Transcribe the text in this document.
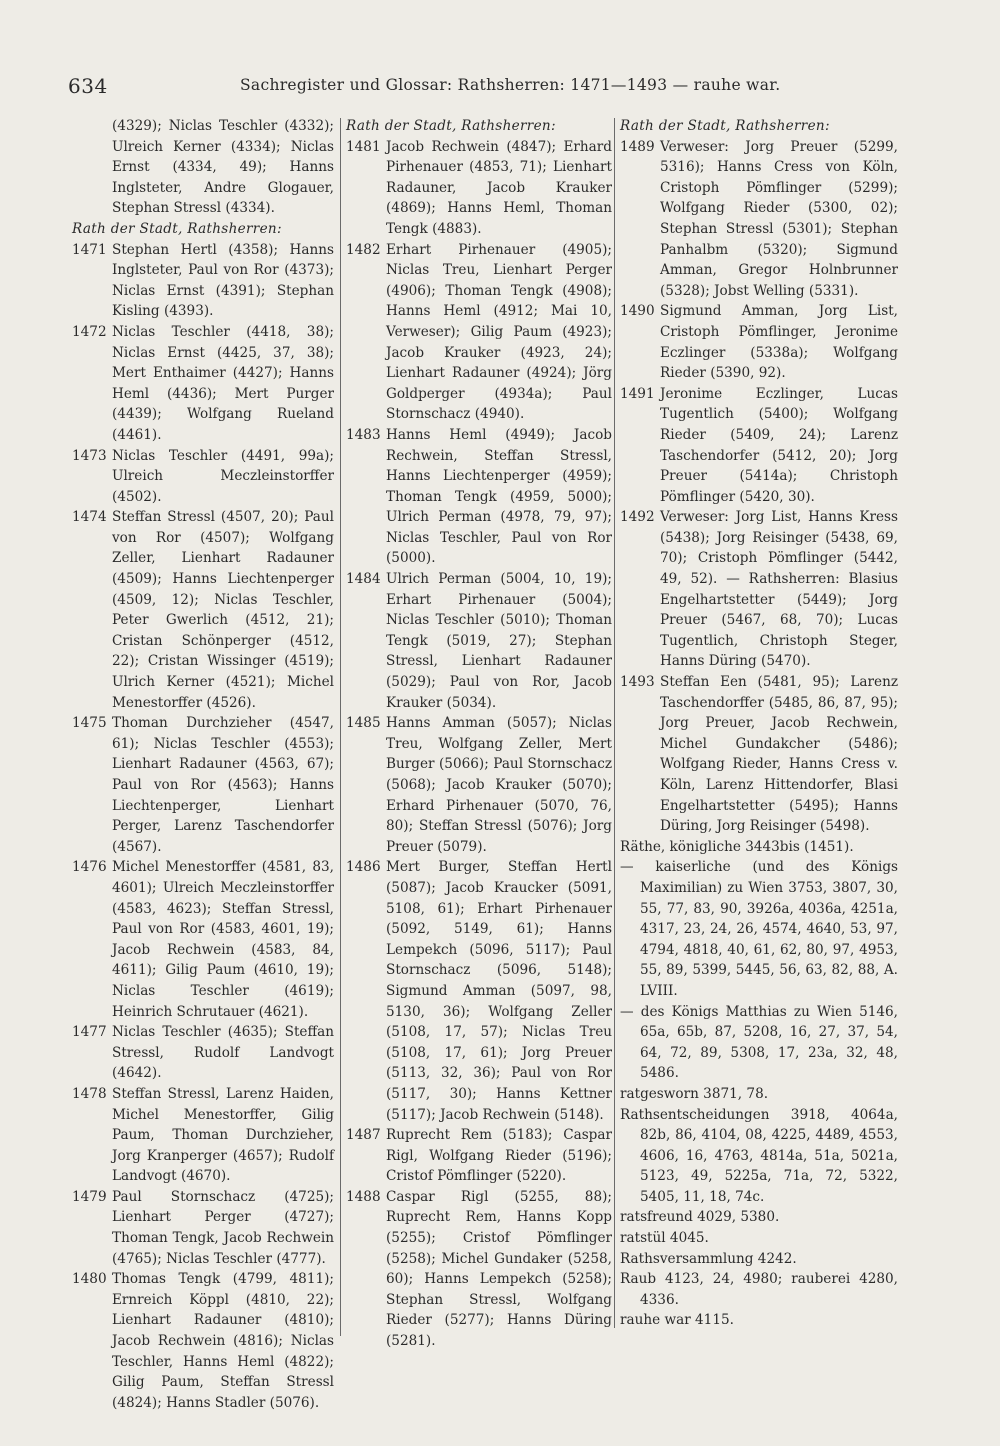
634	Sachregister und Glossar: Rathsherren: 1471—1493 — rauhe war.
(4329); Niclas Teschler (4332); Ulreich Kerner (4334); Niclas Ernst (4334, 49); Hanns Inglsteter, Andre Glogauer, Stephan Stressl (4334).
Rath der Stadt, Rathsherren:
1471 Stephan Hertl (4358); Hanns Inglsteter, Paul von Ror (4373); Niclas Ernst (4391); Stephan Kisling (4393).
1472 Niclas Teschler (4418, 38); Niclas Ernst (4425, 37, 38); Mert Enthaimer (4427); Hanns Heml (4436); Mert Purger (4439); Wolfgang Rueland (4461).
1473 Niclas Teschler (4491, 99a); Ulreich Meczleinstorffer (4502).
1474 Steffan Stressl (4507, 20); Paul von Ror (4507); Wolfgang Zeller, Lienhart Radauner (4509); Hanns Liechtenperger (4509, 12); Niclas Teschler, Peter Gwerlich (4512, 21); Cristan Schönperger (4512, 22); Cristan Wissinger (4519); Ulrich Kerner (4521); Michel Menestorffer (4526).
1475 Thoman Durchzieher (4547, 61); Niclas Teschler (4553); Lienhart Radauner (4563, 67); Paul von Ror (4563); Hanns Liechtenperger, Lienhart Perger, Larenz Taschendorfer (4567).
1476 Michel Menestorffer (4581, 83, 4601); Ulreich Meczleinstorffer (4583, 4623); Steffan Stressl, Paul von Ror (4583, 4601, 19); Jacob Rechwein (4583, 84, 4611); Gilig Paum (4610, 19); Niclas Teschler (4619); Heinrich Schrutauer (4621).
1477 Niclas Teschler (4635); Steffan Stressl, Rudolf Landvogt (4642).
1478 Steffan Stressl, Larenz Haiden, Michel Menestorffer, Gilig Paum, Thoman Durchzieher, Jorg Kranperger (4657); Rudolf Landvogt (4670).
1479 Paul Stornschacz (4725); Lienhart Perger (4727); Thoman Tengk, Jacob Rechwein (4765); Niclas Teschler (4777).
1480 Thomas Tengk (4799, 4811); Ernreich Köppl (4810, 22); Lienhart Radauner (4810); Jacob Rechwein (4816); Niclas Teschler, Hanns Heml (4822); Gilig Paum, Steffan Stressl (4824); Hanns Stadler (5076).
Rath der Stadt, Rathsherren:
1481 Jacob Rechwein (4847); Erhard Pirhenauer (4853, 71); Lienhart Radauner, Jacob Krauker (4869); Hanns Heml, Thoman Tengk (4883).
1482 Erhart Pirhenauer (4905); Niclas Treu, Lienhart Perger (4906); Thoman Tengk (4908); Hanns Heml (4912; Mai 10, Verweser); Gilig Paum (4923); Jacob Krauker (4923, 24); Lienhart Radauner (4924); Jörg Goldperger (4934a); Paul Stornschacz (4940).
1483 Hanns Heml (4949); Jacob Rechwein, Steffan Stressl, Hanns Liechtenperger (4959); Thoman Tengk (4959, 5000); Ulrich Perman (4978, 79, 97); Niclas Teschler, Paul von Ror (5000).
1484 Ulrich Perman (5004, 10, 19); Erhart Pirhenauer (5004); Niclas Teschler (5010); Thoman Tengk (5019, 27); Stephan Stressl, Lienhart Radauner (5029); Paul von Ror, Jacob Krauker (5034).
1485 Hanns Amman (5057); Niclas Treu, Wolfgang Zeller, Mert Burger (5066); Paul Stornschacz (5068); Jacob Krauker (5070); Erhard Pirhenauer (5070, 76, 80); Steffan Stressl (5076); Jorg Preuer (5079).
1486 Mert Burger, Steffan Hertl (5087); Jacob Kraucker (5091, 5108, 61); Erhart Pirhenauer (5092, 5149, 61); Hanns Lempekch (5096, 5117); Paul Stornschacz (5096, 5148); Sigmund Amman (5097, 98, 5130, 36); Wolfgang Zeller (5108, 17, 57); Niclas Treu (5108, 17, 61); Jorg Preuer (5113, 32, 36); Paul von Ror (5117, 30); Hanns Kettner (5117); Jacob Rechwein (5148).
1487 Ruprecht Rem (5183); Caspar Rigl, Wolfgang Rieder (5196); Cristof Pömflinger (5220).
1488 Caspar Rigl (5255, 88); Ruprecht Rem, Hanns Kopp (5255); Cristof Pömflinger (5258); Michel Gundaker (5258, 60); Hanns Lempekch (5258); Stephan Stressl, Wolfgang Rieder (5277); Hanns Düring (5281).
Rath der Stadt, Rathsherren:
1489 Verweser: Jorg Preuer (5299, 5316); Hanns Cress von Köln, Cristoph Pömflinger (5299); Wolfgang Rieder (5300, 02); Stephan Stressl (5301); Stephan Panhalbm (5320); Sigmund Amman, Gregor Holnbrunner (5328); Jobst Welling (5331).
1490 Sigmund Amman, Jorg List, Cristoph Pömflinger, Jeronime Eczlinger (5338a); Wolfgang Rieder (5390, 92).
1491 Jeronime Eczlinger, Lucas Tugentlich (5400); Wolfgang Rieder (5409, 24); Larenz Taschendorfer (5412, 20); Jorg Preuer (5414a); Christoph Pömflinger (5420, 30).
1492 Verweser: Jorg List, Hanns Kress (5438); Jorg Reisinger (5438, 69, 70); Cristoph Pömflinger (5442, 49, 52). — Rathsherren: Blasius Engelhartstetter (5449); Jorg Preuer (5467, 68, 70); Lucas Tugentlich, Christoph Steger, Hanns Düring (5470).
1493 Steffan Een (5481, 95); Larenz Taschendorffer (5485, 86, 87, 95); Jorg Preuer, Jacob Rechwein, Michel Gundakcher (5486); Wolfgang Rieder, Hanns Cress v. Köln, Larenz Hittendorfer, Blasi Engelhartstetter (5495); Hanns Düring, Jorg Reisinger (5498).
Räthe, königliche 3443bis (1451).
— kaiserliche (und des Königs Maximilian) zu Wien 3753, 3807, 30, 55, 77, 83, 90, 3926a, 4036a, 4251a, 4317, 23, 24, 26, 4574, 4640, 53, 97, 4794, 4818, 40, 61, 62, 80, 97, 4953, 55, 89, 5399, 5445, 56, 63, 82, 88, A. LVIII.
— des Königs Matthias zu Wien 5146, 65a, 65b, 87, 5208, 16, 27, 37, 54, 64, 72, 89, 5308, 17, 23a, 32, 48, 5486.
ratgesworn 3871, 78.
Rathsentscheidungen 3918, 4064a, 82b, 86, 4104, 08, 4225, 4489, 4553, 4606, 16, 4763, 4814a, 51a, 5021a, 5123, 49, 5225a, 71a, 72, 5322, 5405, 11, 18, 74c.
ratsfreund 4029, 5380.
ratstül 4045.
Rathsversammlung 4242.
Raub 4123, 24, 4980; rauberei 4280, 4336.
rauhe war 4115.
